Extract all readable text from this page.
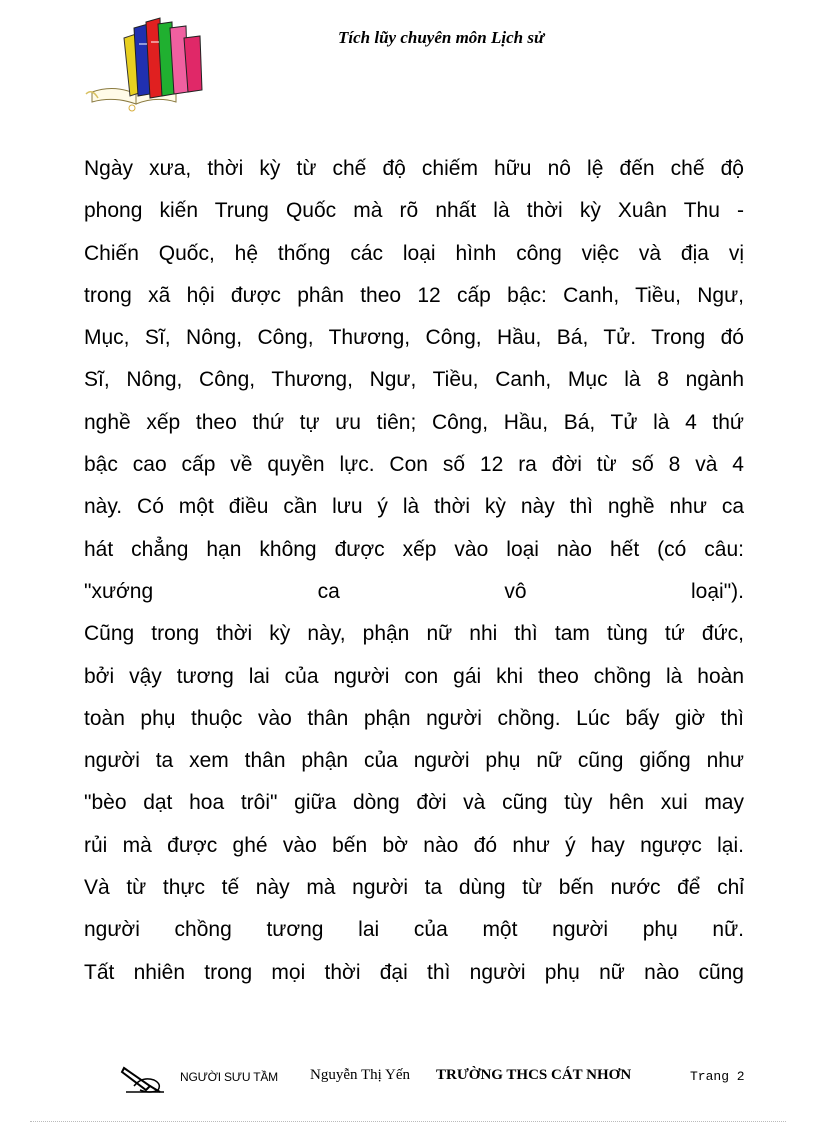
Tích lũy chuyên môn Lịch sử
Ngày xưa, thời kỳ từ chế độ chiếm hữu nô lệ đến chế độ
phong kiến Trung Quốc mà rõ nhất là thời kỳ Xuân Thu -
Chiến Quốc, hệ thống các loại hình công việc và địa vị
trong xã hội được phân theo 12 cấp bậc: Canh, Tiều, Ngư,
Mục, Sĩ, Nông, Công, Thương, Công, Hầu, Bá, Tử. Trong đó
Sĩ, Nông, Công, Thương, Ngư, Tiều, Canh, Mục là 8 ngành
nghề xếp theo thứ tự ưu tiên; Công, Hầu, Bá, Tử là 4 thứ
bậc cao cấp về quyền lực. Con số 12 ra đời từ số 8 và 4
này. Có một điều cần lưu ý là thời kỳ này thì nghề như ca
hát chẳng hạn không được xếp vào loại nào hết (có câu:
"xướng ca vô loại").
Cũng trong thời kỳ này, phận nữ nhi thì tam tùng tứ đức,
bởi vậy tương lai của người con gái khi theo chồng là hoàn
toàn phụ thuộc vào thân phận người chồng. Lúc bấy giờ thì
người ta xem thân phận của người phụ nữ cũng giống như
"bèo dạt hoa trôi" giữa dòng đời và cũng tùy hên xui may
rủi mà được ghé vào bến bờ nào đó như ý hay ngược lại.
Và từ thực tế này mà người ta dùng từ bến nước để chỉ
người chồng tương lai của một người phụ nữ.
Tất nhiên trong mọi thời đại thì người phụ nữ nào cũng
NGƯỜI SƯU TẦM Nguyễn Thị Yến TRƯỜNG THCS CÁT NHƠN	Trang 2
